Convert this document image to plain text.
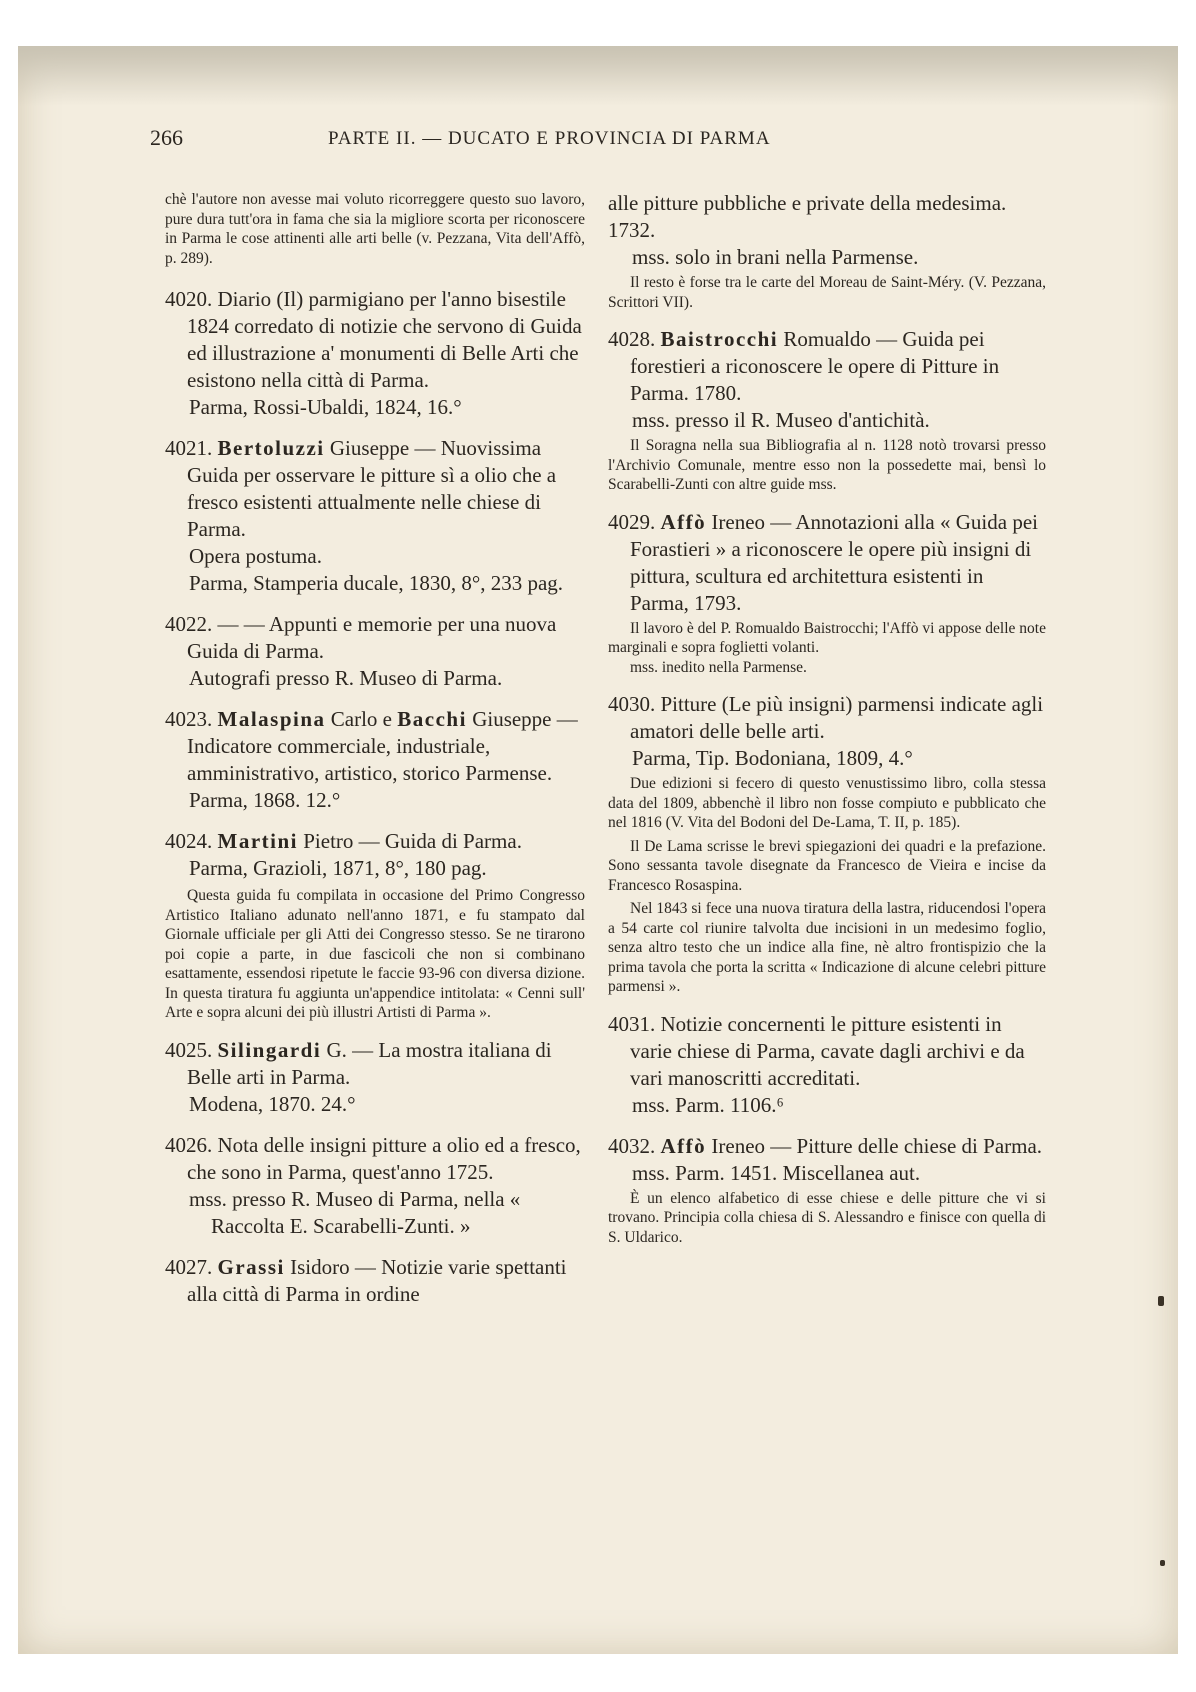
266	PARTE II. — DUCATO E PROVINCIA DI PARMA
chè l'autore non avesse mai voluto ricorreggere questo suo lavoro, pure dura tutt'ora in fama che sia la migliore scorta per riconoscere in Parma le cose attinenti alle arti belle (v. Pezzana, Vita dell'Affò, p. 289).
4020. Diario (Il) parmigiano per l'anno bisestile 1824 corredato di notizie che servono di Guida ed illustrazione a' monumenti di Belle Arti che esistono nella città di Parma.
Parma, Rossi-Ubaldi, 1824, 16.°
4021. Bertoluzzi Giuseppe — Nuovissima Guida per osservare le pitture sì a olio che a fresco esistenti attualmente nelle chiese di Parma.
Opera postuma.
Parma, Stamperia ducale, 1830, 8°, 233 pag.
4022. — — Appunti e memorie per una nuova Guida di Parma.
Autografi presso R. Museo di Parma.
4023. Malaspina Carlo e Bacchi Giuseppe — Indicatore commerciale, industriale, amministrativo, artistico, storico Parmense.
Parma, 1868. 12.°
4024. Martini Pietro — Guida di Parma.
Parma, Grazioli, 1871, 8°, 180 pag.
Questa guida fu compilata in occasione del Primo Congresso Artistico Italiano adunato nell'anno 1871, e fu stampato dal Giornale ufficiale per gli Atti dei Congresso stesso. Se ne tirarono poi copie a parte, in due fascicoli che non si combinano esattamente, essendosi ripetute le faccie 93-96 con diversa dizione. In questa tiratura fu aggiunta un'appendice intitolata: « Cenni sull' Arte e sopra alcuni dei più illustri Artisti di Parma ».
4025. Silingardi G. — La mostra italiana di Belle arti in Parma.
Modena, 1870. 24.°
4026. Nota delle insigni pitture a olio ed a fresco, che sono in Parma, quest'anno 1725.
mss. presso R. Museo di Parma, nella « Raccolta E. Scarabelli-Zunti. »
4027. Grassi Isidoro — Notizie varie spettanti alla città di Parma in ordine
alle pitture pubbliche e private della medesima. 1732.
mss. solo in brani nella Parmense.
Il resto è forse tra le carte del Moreau de Saint-Méry. (V. Pezzana, Scrittori VII).
4028. Baistrocchi Romualdo — Guida pei forestieri a riconoscere le opere di Pitture in Parma. 1780.
mss. presso il R. Museo d'antichità.
Il Soragna nella sua Bibliografia al n. 1128 notò trovarsi presso l'Archivio Comunale, mentre esso non la possedette mai, bensì lo Scarabelli-Zunti con altre guide mss.
4029. Affò Ireneo — Annotazioni alla « Guida pei Forastieri » a riconoscere le opere più insigni di pittura, scultura ed architettura esistenti in Parma, 1793.
Il lavoro è del P. Romualdo Baistrocchi; l'Affò vi appose delle note marginali e sopra foglietti volanti.
mss. inedito nella Parmense.
4030. Pitture (Le più insigni) parmensi indicate agli amatori delle belle arti.
Parma, Tip. Bodoniana, 1809, 4.°
Due edizioni si fecero di questo venustissimo libro, colla stessa data del 1809, abbenchè il libro non fosse compiuto e pubblicato che nel 1816 (V. Vita del Bodoni del De-Lama, T. II, p. 185).
Il De Lama scrisse le brevi spiegazioni dei quadri e la prefazione. Sono sessanta tavole disegnate da Francesco de Vieira e incise da Francesco Rosaspina.
Nel 1843 si fece una nuova tiratura della lastra, riducendosi l'opera a 54 carte col riunire talvolta due incisioni in un medesimo foglio, senza altro testo che un indice alla fine, nè altro frontispizio che la prima tavola che porta la scritta « Indicazione di alcune celebri pitture parmensi ».
4031. Notizie concernenti le pitture esistenti in varie chiese di Parma, cavate dagli archivi e da vari manoscritti accreditati.
mss. Parm. 1106.⁶
4032. Affò Ireneo — Pitture delle chiese di Parma.
mss. Parm. 1451. Miscellanea aut.
È un elenco alfabetico di esse chiese e delle pitture che vi si trovano. Principia colla chiesa di S. Alessandro e finisce con quella di S. Uldarico.
